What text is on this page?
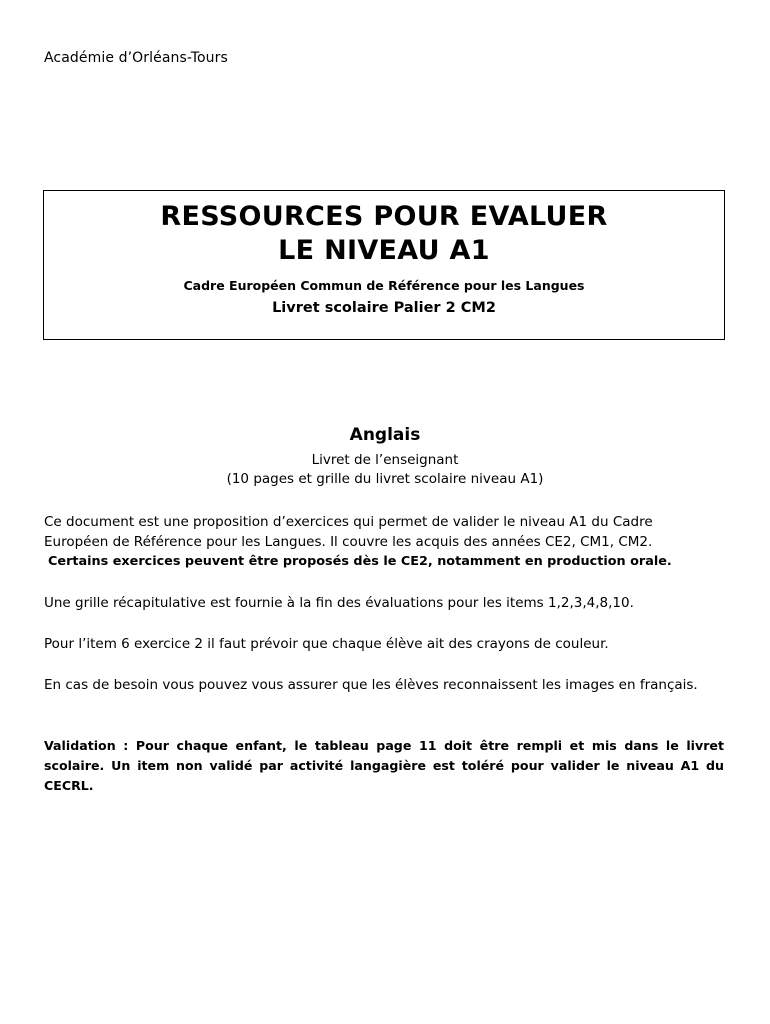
Académie d’Orléans-Tours
RESSOURCES POUR EVALUER
LE NIVEAU A1
Cadre Européen Commun de Référence pour les Langues
Livret scolaire Palier 2 CM2
Anglais
Livret de l’enseignant
(10 pages et grille du livret scolaire niveau A1)
Ce document est une proposition d’exercices qui permet de valider le niveau A1 du Cadre
Européen de Référence pour les Langues. Il couvre les acquis des années CE2, CM1, CM2.
Certains exercices peuvent être proposés dès le CE2, notamment en production orale.
Une grille récapitulative est fournie à la fin des évaluations pour les items 1,2,3,4,8,10.
Pour l’item 6 exercice 2 il faut prévoir que chaque élève ait des crayons de couleur.
En cas de besoin vous pouvez vous assurer que les élèves reconnaissent les images en français.
Validation : Pour chaque enfant, le tableau page 11 doit être rempli et mis dans le livret scolaire. Un item non validé par activité langagière est toléré pour valider le niveau A1 du CECRL.
